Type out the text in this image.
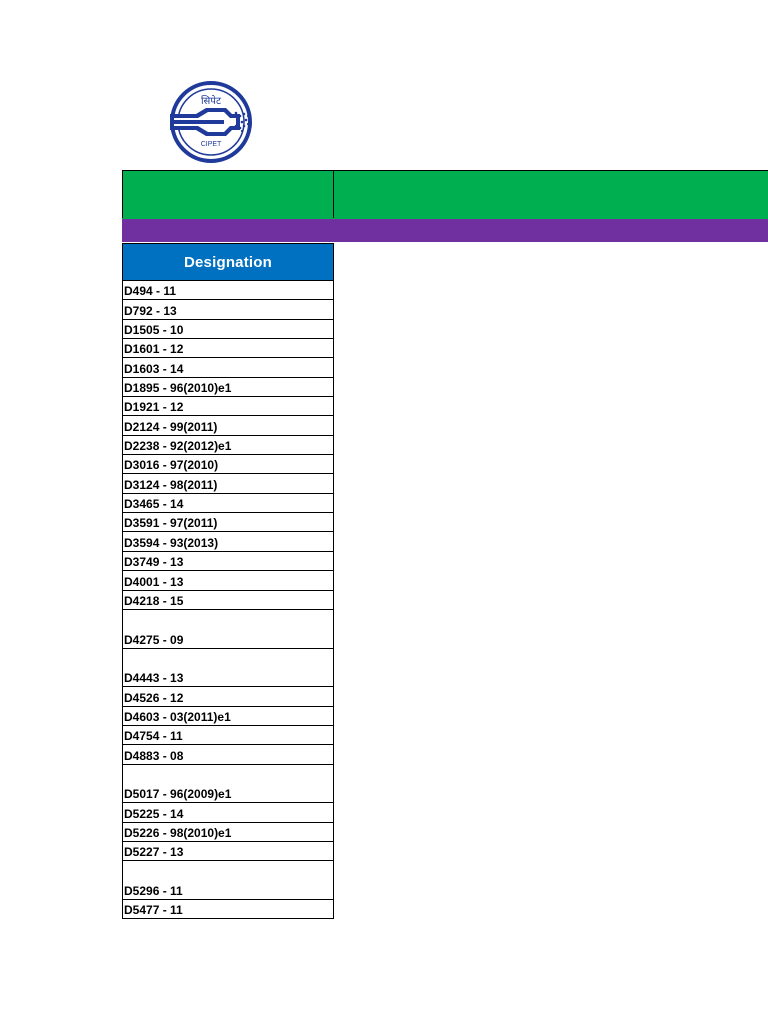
सिपेट
CIPET
Designation
D494 - 11
D792 - 13
D1505 - 10
D1601 - 12
D1603 - 14
D1895 - 96(2010)e1
D1921 - 12
D2124 - 99(2011)
D2238 - 92(2012)e1
D3016 - 97(2010)
D3124 - 98(2011)
D3465 - 14
D3591 - 97(2011)
D3594 - 93(2013)
D3749 - 13
D4001 - 13
D4218 - 15
D4275 - 09
D4443 - 13
D4526 - 12
D4603 - 03(2011)e1
D4754 - 11
D4883 - 08
D5017 - 96(2009)e1
D5225 - 14
D5226 - 98(2010)e1
D5227 - 13
D5296 - 11
D5477 - 11
